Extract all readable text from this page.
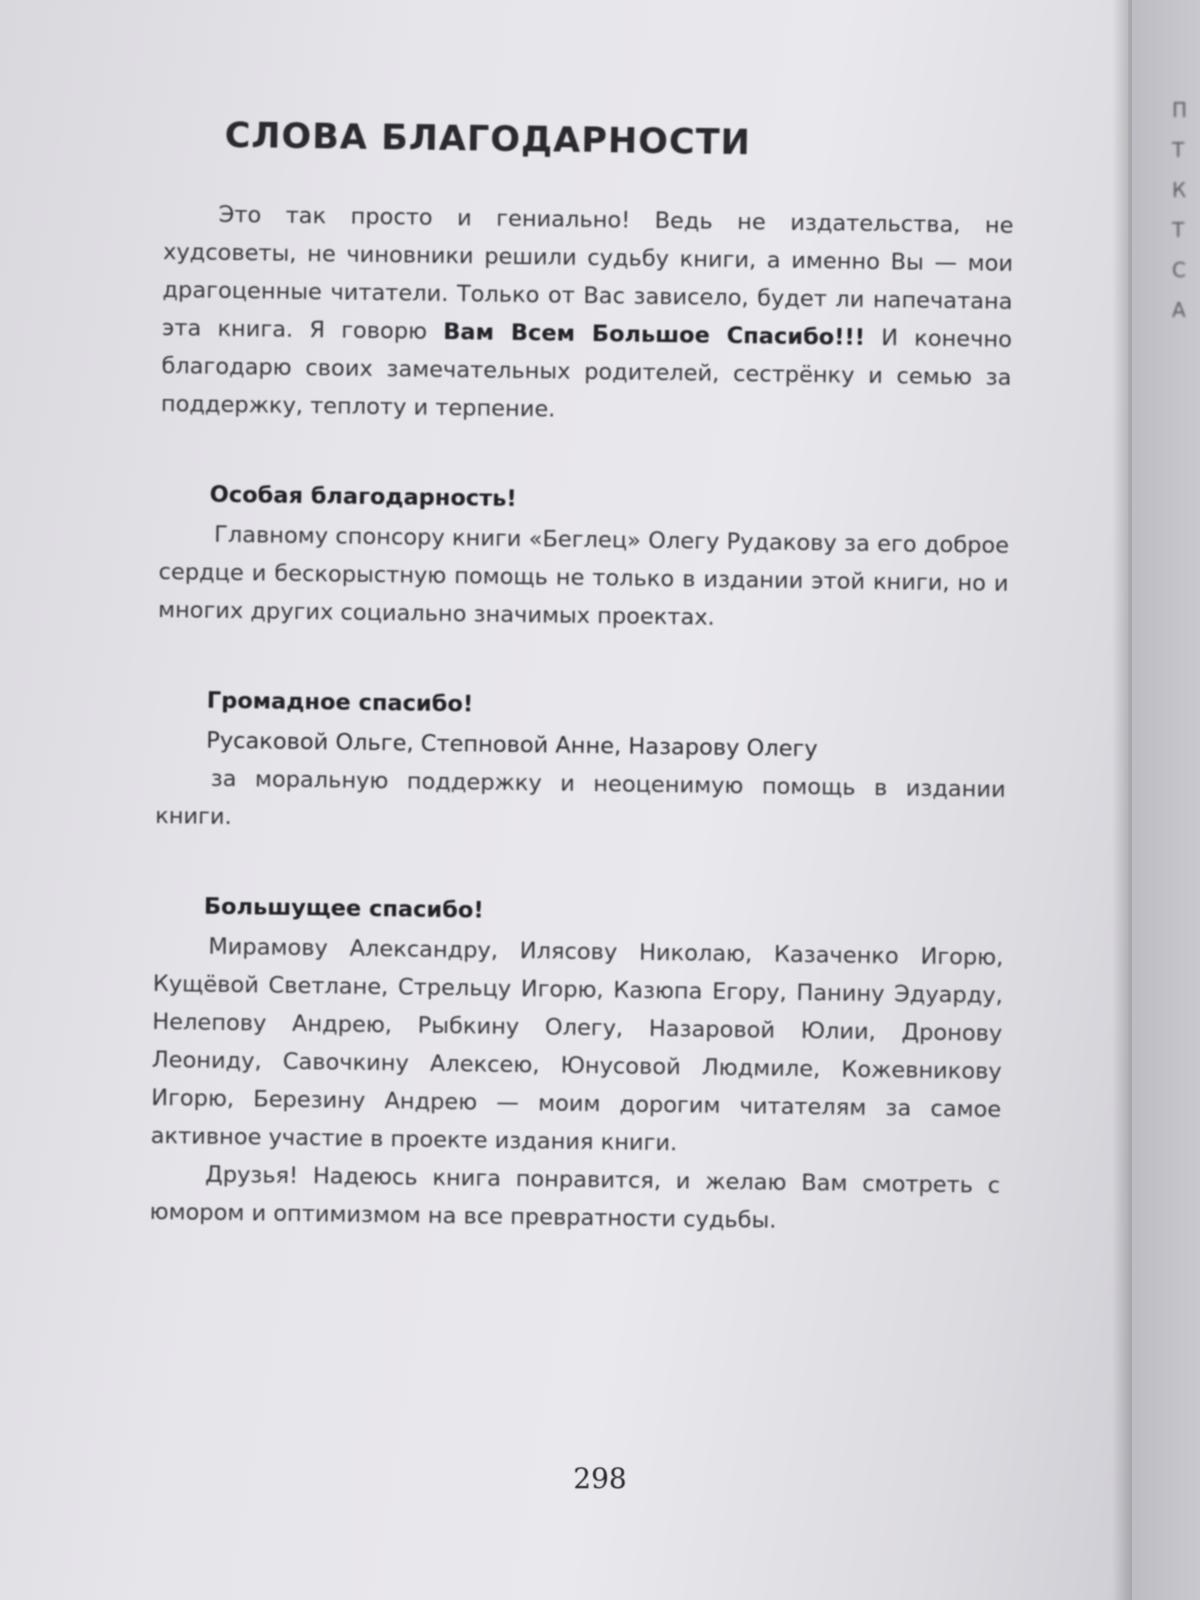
СЛОВА БЛАГОДАРНОСТИ

Это так просто и гениально! Ведь не издательства, не худсоветы, не чиновники решили судьбу книги, а именно Вы — мои драгоценные читатели. Только от Вас зависело, будет ли напечатана эта книга. Я говорю Вам Всем Большое Спасибо!!! И конечно благодарю своих замечательных родителей, сестрёнку и семью за поддержку, теплоту и терпение.

Особая благодарность!

Главному спонсору книги «Беглец» Олегу Рудакову за его доброе сердце и бескорыстную помощь не только в издании этой книги, но и многих других социально значимых проектах.

Громадное спасибо!
Русаковой Ольге, Степновой Анне, Назарову Олегу

за моральную поддержку и неоценимую помощь в издании книги.

Большущее спасибо!

Мирамову Александру, Илясову Николаю, Казаченко Игорю, Кущёвой Светлане, Стрельцу Игорю, Казюпа Егору, Панину Эдуарду, Нелепову Андрею, Рыбкину Олегу, Назаровой Юлии, Дронову Леониду, Савочкину Алексею, Юнусовой Людмиле, Кожевникову Игорю, Березину Андрею — моим дорогим читателям за самое активное участие в проекте издания книги.

Друзья! Надеюсь книга понравится, и желаю Вам смотреть с юмором и оптимизмом на все превратности судьбы.

298
П
Т
К
Т
С
А
